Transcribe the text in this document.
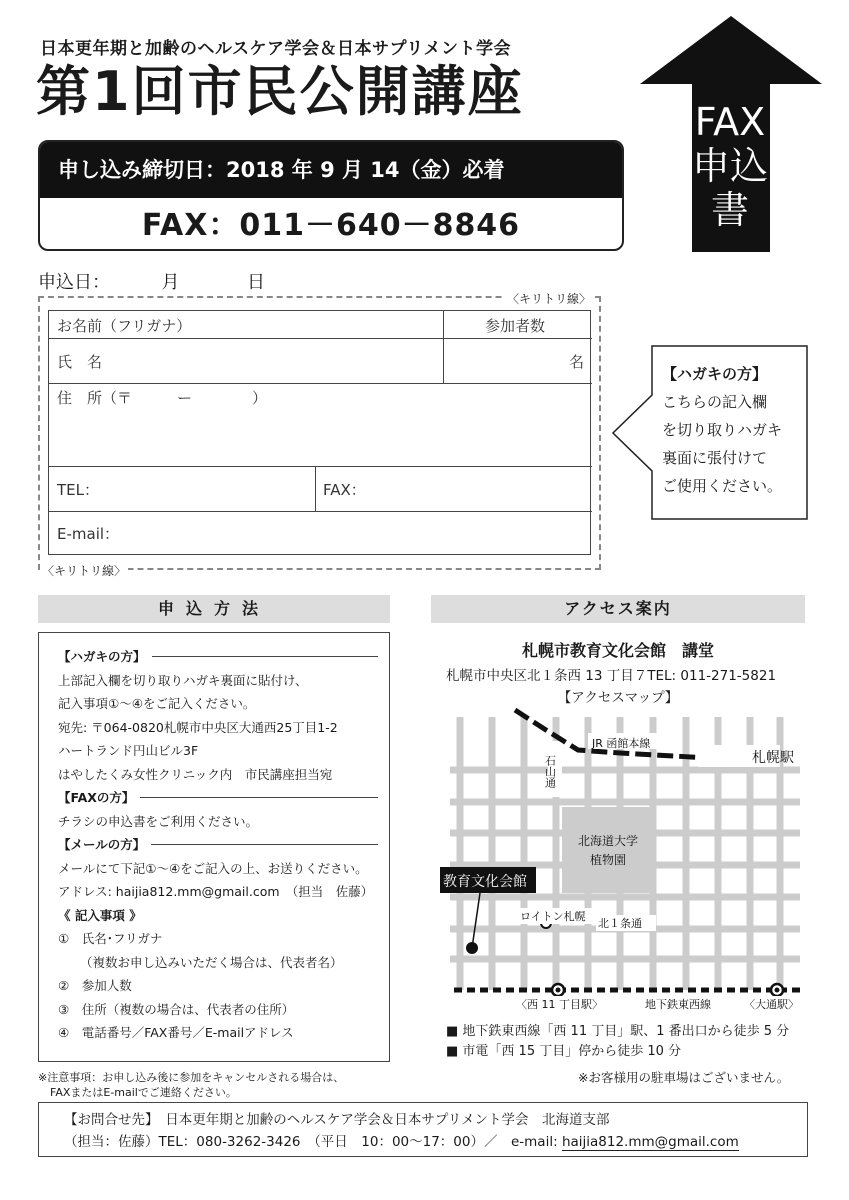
日本更年期と加齢のヘルスケア学会＆日本サプリメント学会
第1回市民公開講座
申し込み締切日：2018 年 9 月 14（金）必着
FAX：011－640－8846
FAX
申込書
申込日：	月	日
〈キリトリ線〉
〈キリトリ線〉
お名前（フリガナ）	参加者数
氏　名	名
住　所（〒　　　ー　　　　）
TEL：	FAX：
E-mail：
【ハガキの方】
こちらの記入欄
を切り取りハガキ
裏面に張付けて
ご使用ください。
申込方法
【ハガキの方】
上部記入欄を切り取りハガキ裏面に貼付け、
記入事項①～④をご記入ください。
宛先: 〒064-0820札幌市中央区大通西25丁目1-2
ハートランド円山ビル3F
はやしたくみ女性クリニック内　市民講座担当宛
【FAXの方】
チラシの申込書をご利用ください。
【メールの方】
メールにて下記①～④をご記入の上、お送りください。
アドレス: haijia812.mm@gmail.com　（担当　佐藤）
《 記入事項 》
①　氏名･フリガナ
（複数お申し込みいただく場合は、代表者名）
②　参加人数
③　住所（複数の場合は、代表者の住所）
④　電話番号／FAX番号／E-mailアドレス
※注意事項：お申し込み後に参加をキャンセルされる場合は、
FAXまたはE-mailでご連絡ください。
アクセス案内
札幌市教育文化会館　講堂
札幌市中央区北１条西 13 丁目７TEL: 011-271-5821
【アクセスマップ】
JR 函館本線
札幌駅
石山通
北海道大学
植物園
教育文化会館
ロイトン札幌
北１条通
〈西 11 丁目駅〉	地下鉄東西線	〈大通駅〉
■ 地下鉄東西線「西 11 丁目」駅、1 番出口から徒歩 5 分
■ 市電「西 15 丁目」停から徒歩 10 分
※お客様用の駐車場はございません。
【お問合せ先】　日本更年期と加齢のヘルスケア学会＆日本サプリメント学会　北海道支部
（担当：佐藤）TEL：080-3262-3426　（平日　10：00～17：00）／　e-mail: haijia812.mm@gmail.com
